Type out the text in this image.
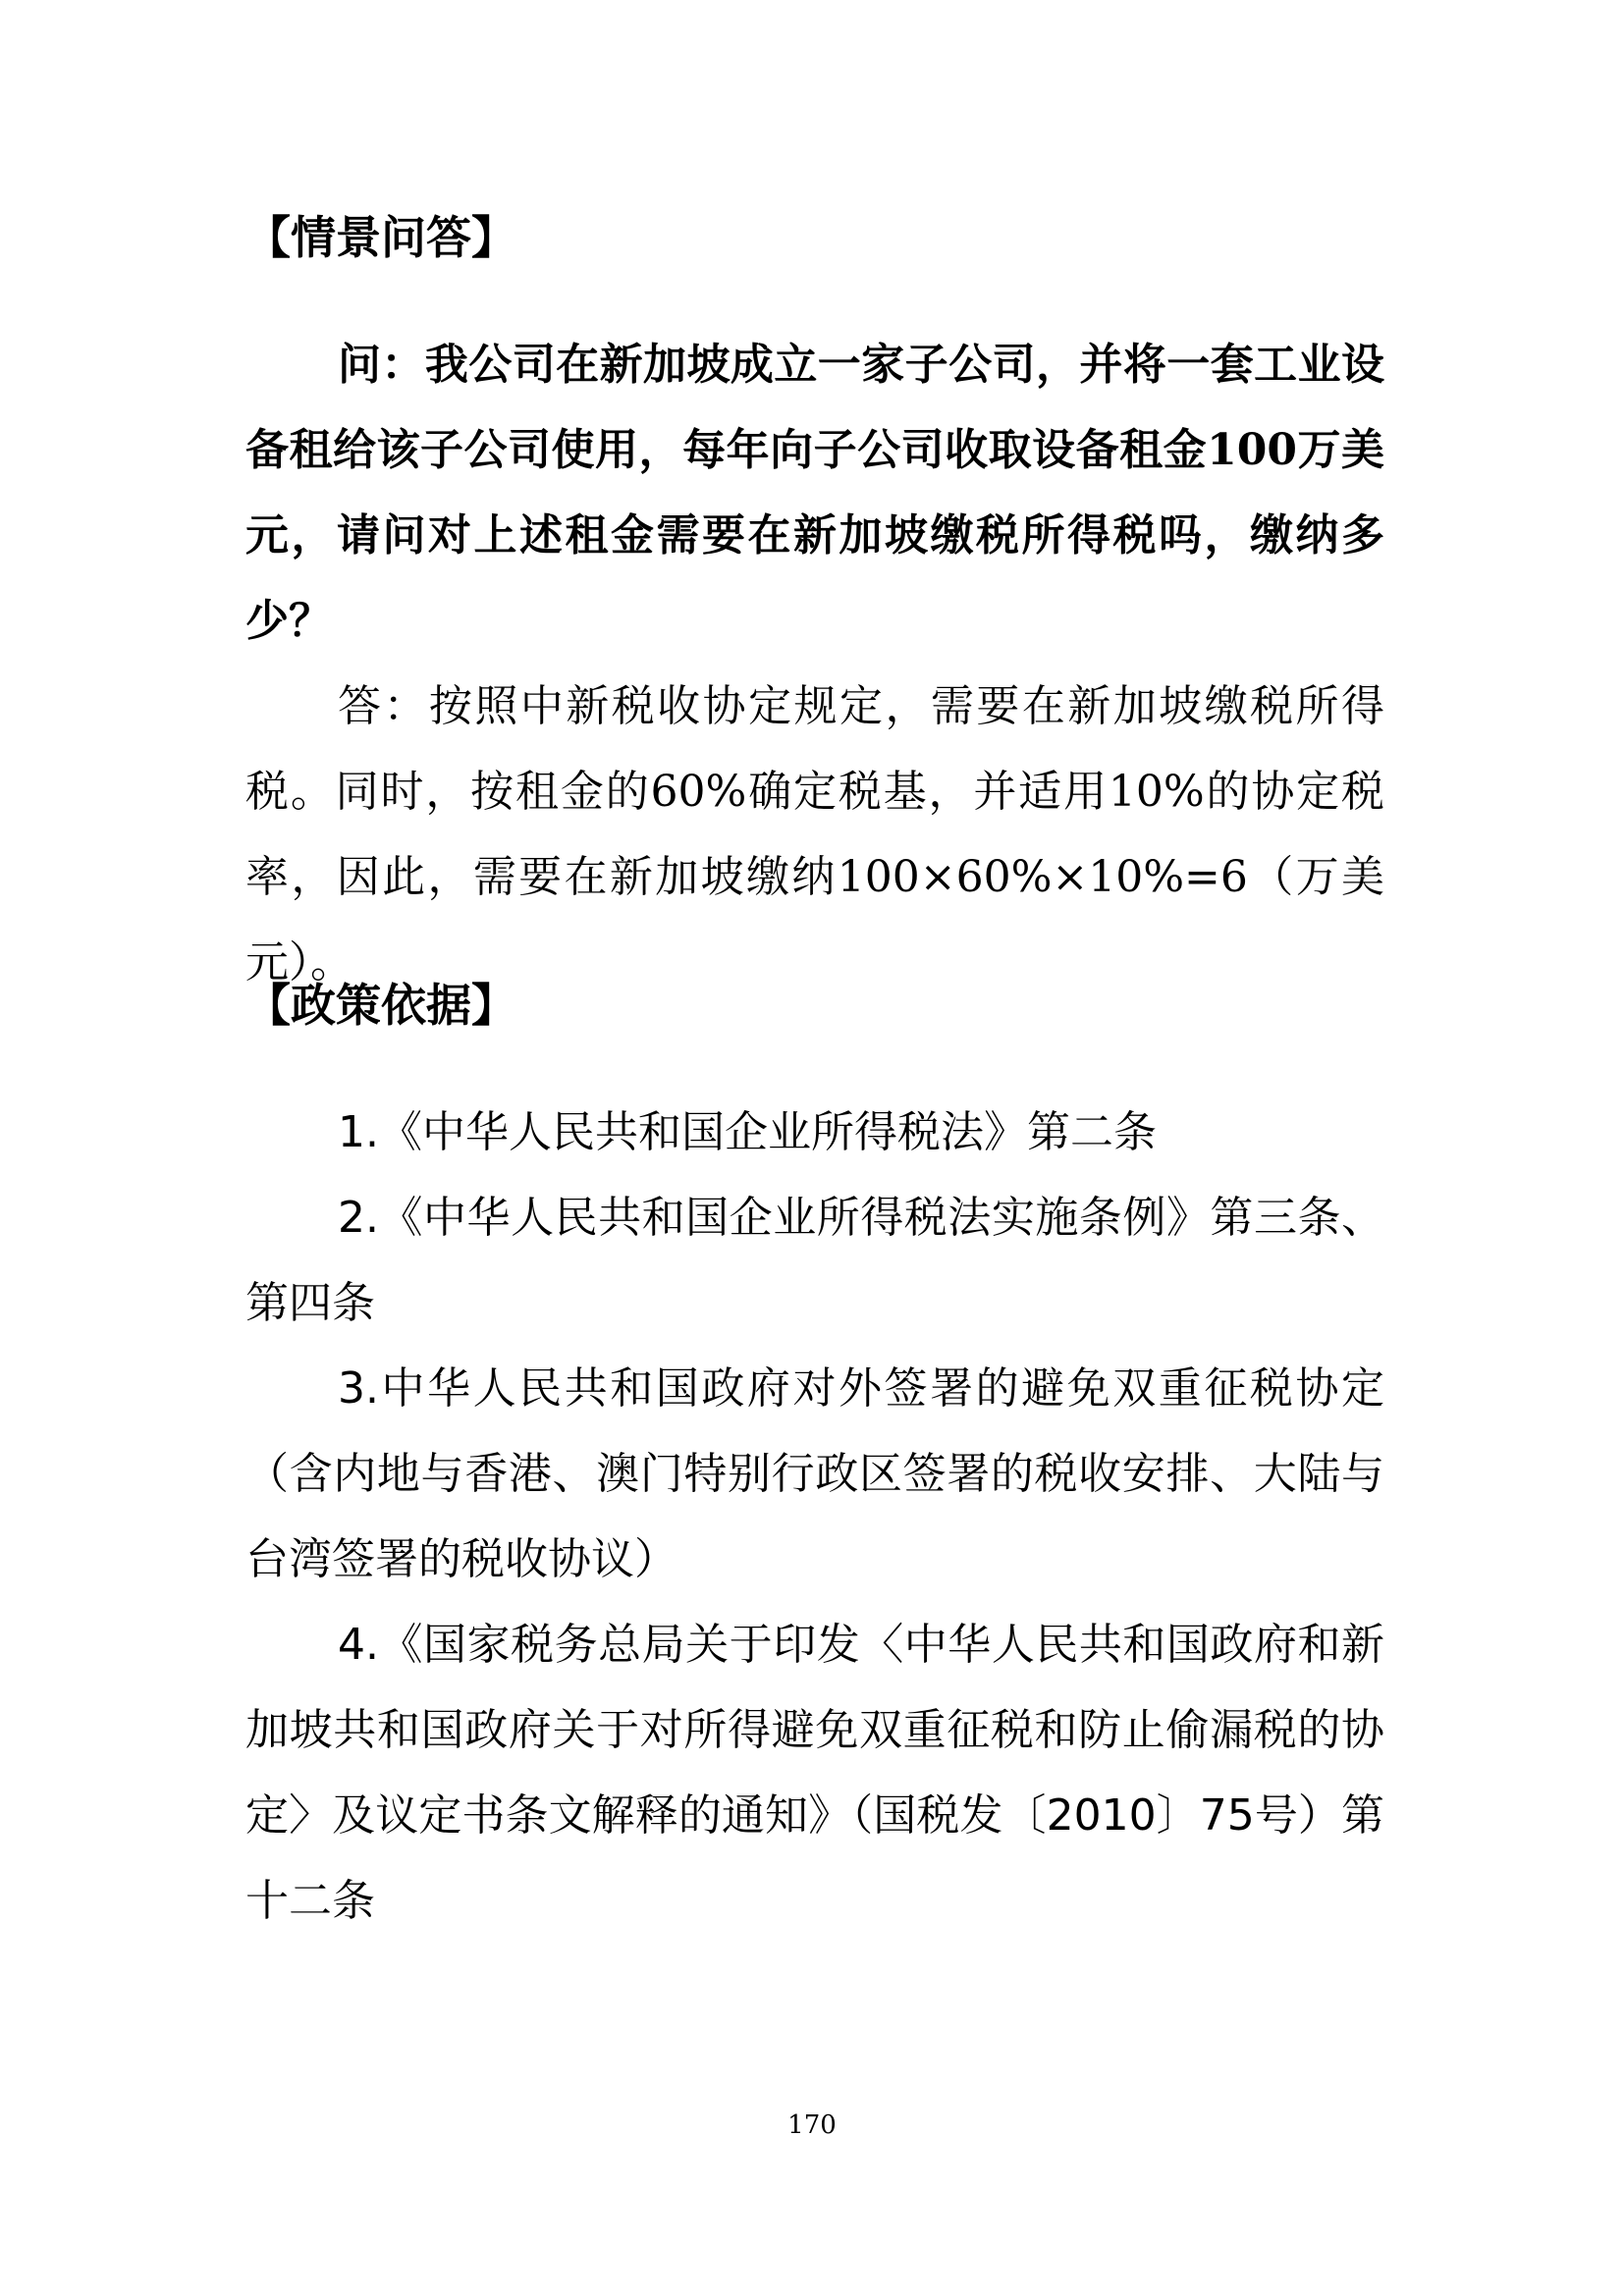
【情景问答】

问：我公司在新加坡成立一家子公司，并将一套工业设备租给该子公司使用，每年向子公司收取设备租金100万美元，请问对上述租金需要在新加坡缴税所得税吗，缴纳多少？

答：按照中新税收协定规定，需要在新加坡缴税所得税。同时，按租金的60%确定税基，并适用10%的协定税率，因此，需要在新加坡缴纳100×60%×10%=6（万美元）。

【政策依据】

1.《中华人民共和国企业所得税法》第二条

2.《中华人民共和国企业所得税法实施条例》第三条、第四条

3.中华人民共和国政府对外签署的避免双重征税协定（含内地与香港、澳门特别行政区签署的税收安排、大陆与台湾签署的税收协议）

4.《国家税务总局关于印发〈中华人民共和国政府和新加坡共和国政府关于对所得避免双重征税和防止偷漏税的协定〉及议定书条文解释的通知》（国税发〔2010〕75号）第十二条

170
